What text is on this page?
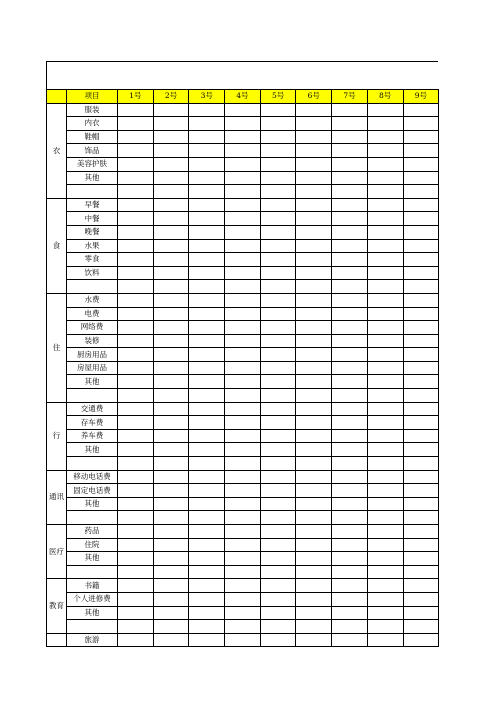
	项目	1号	2号	3号	4号	5号	6号	7号	8号	9号
衣	服装									
	内衣									
	鞋帽									
	饰品									
	美容护肤									
	其他									

食	早餐									
	中餐									
	晚餐									
	水果									
	零食									
	饮料									

住	水费									
	电费									
	网络费									
	装修									
	厨房用品									
	房屋用品									
	其他									

行	交通费									
	存车费									
	养车费									
	其他									

通讯	移动电话费									
	固定电话费									
	其他									

医疗	药品									
	住院									
	其他									

教育	书籍									
	个人进修费									
	其他									

	旅游									
